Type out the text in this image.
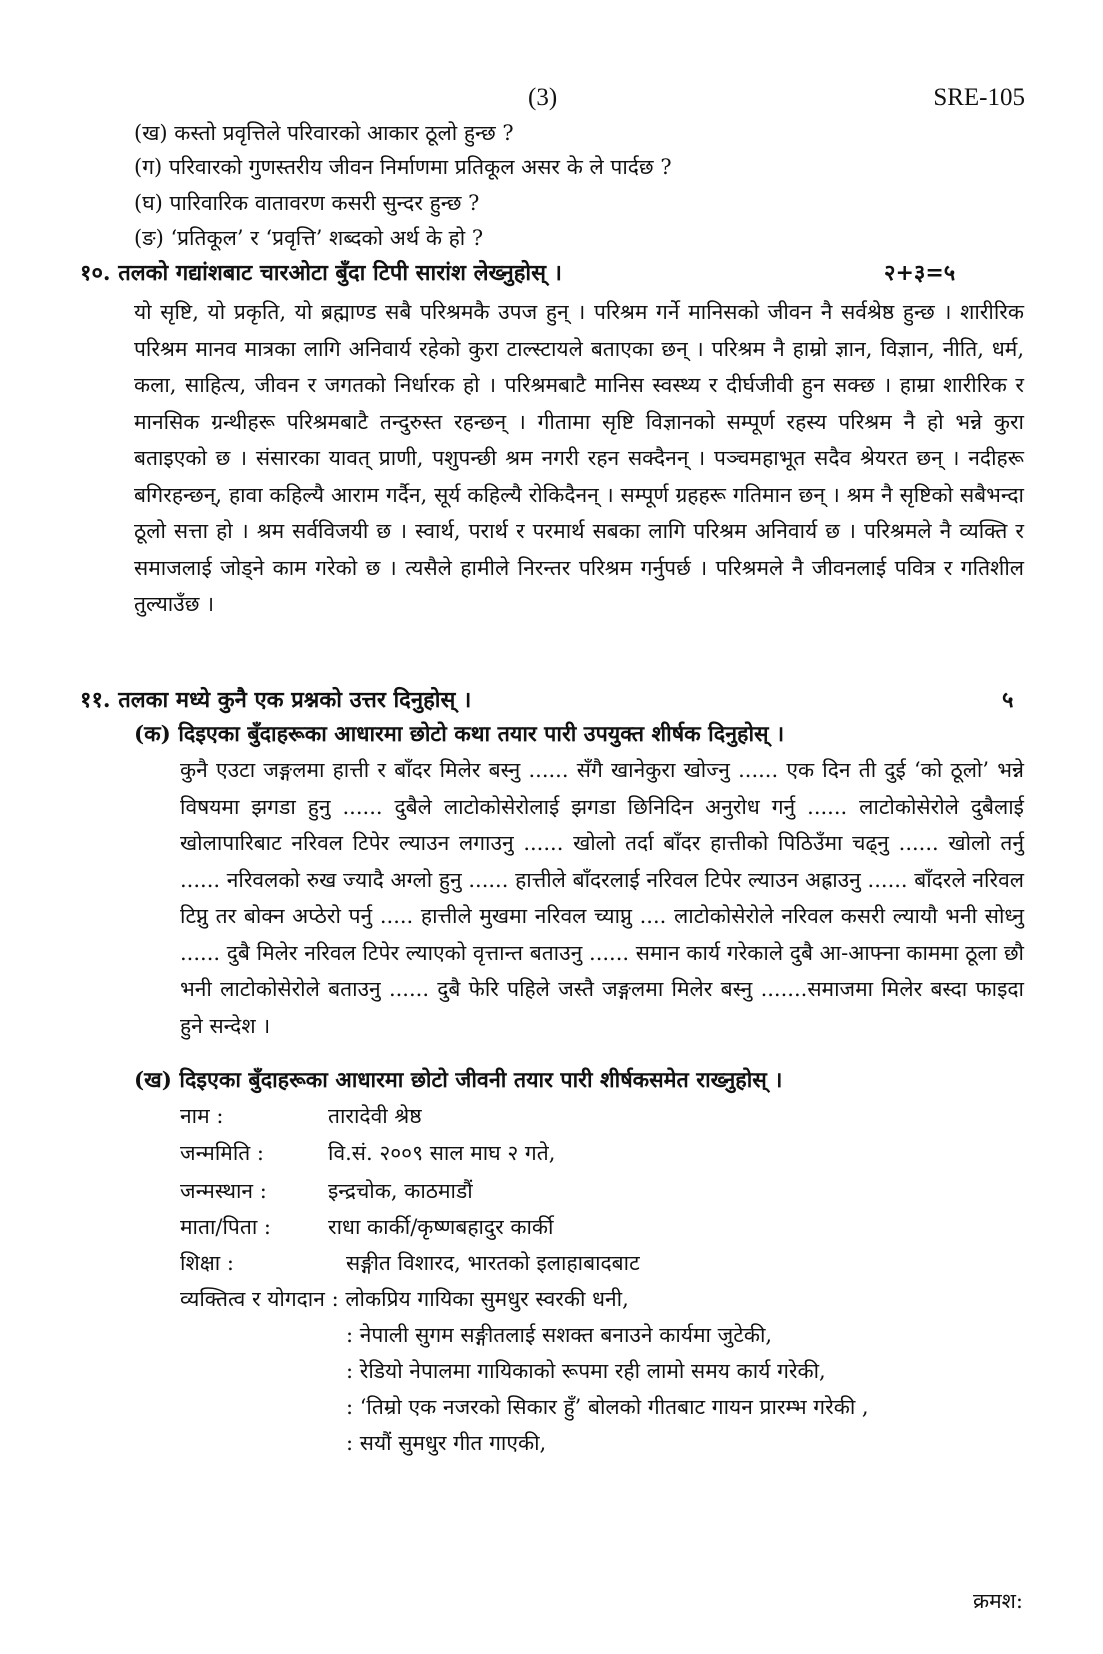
(3)	SRE-105
(ख) कस्तो प्रवृत्तिले परिवारको आकार ठूलो हुन्छ ?
(ग) परिवारको गुणस्तरीय जीवन निर्माणमा प्रतिकूल असर के ले पार्दछ ?
(घ) पारिवारिक वातावरण कसरी सुन्दर हुन्छ ?
(ङ) ‘प्रतिकूल’ र ‘प्रवृत्ति’ शब्दको अर्थ के हो ?
१०. तलको गद्यांशबाट चारओटा बुँदा टिपी सारांश लेख्नुहोस् ।	२+३=५
यो सृष्टि, यो प्रकृति, यो ब्रह्माण्ड सबै परिश्रमकै उपज हुन् । परिश्रम गर्ने मानिसको जीवन नै सर्वश्रेष्ठ हुन्छ । शारीरिक परिश्रम मानव मात्रका लागि अनिवार्य रहेको कुरा टाल्स्टायले बताएका छन् । परिश्रम नै हाम्रो ज्ञान, विज्ञान, नीति, धर्म, कला, साहित्य, जीवन र जगतको निर्धारक हो । परिश्रमबाटै मानिस स्वस्थ्य र दीर्घजीवी हुन सक्छ । हाम्रा शारीरिक र मानसिक ग्रन्थीहरू परिश्रमबाटै तन्दुरुस्त रहन्छन् । गीतामा सृष्टि विज्ञानको सम्पूर्ण रहस्य परिश्रम नै हो भन्ने कुरा बताइएको छ । संसारका यावत् प्राणी, पशुपन्छी श्रम नगरी रहन सक्दैनन् । पञ्चमहाभूत सदैव श्रेयरत छन् । नदीहरू बगिरहन्छन्, हावा कहिल्यै आराम गर्दैन, सूर्य कहिल्यै रोकिदैनन् । सम्पूर्ण ग्रहहरू गतिमान छन् । श्रम नै सृष्टिको सबैभन्दा ठूलो सत्ता हो । श्रम सर्वविजयी छ । स्वार्थ, परार्थ र परमार्थ सबका लागि परिश्रम अनिवार्य छ । परिश्रमले नै व्यक्ति र समाजलाई जोड्ने काम गरेको छ । त्यसैले हामीले निरन्तर परिश्रम गर्नुपर्छ । परिश्रमले नै जीवनलाई पवित्र र गतिशील तुल्याउँछ ।
११. तलका मध्ये कुनै एक प्रश्नको उत्तर दिनुहोस् ।	५
(क) दिइएका बुँदाहरूका आधारमा छोटो कथा तयार पारी उपयुक्त शीर्षक दिनुहोस् ।
कुनै एउटा जङ्गलमा हात्ती र बाँदर मिलेर बस्नु ...... सँगै खानेकुरा खोज्नु ...... एक दिन ती दुई ‘को ठूलो’ भन्ने विषयमा झगडा हुनु ...... दुबैले लाटोकोसेरोलाई झगडा छिनिदिन अनुरोध गर्नु ...... लाटोकोसेरोले दुबैलाई खोलापारिबाट नरिवल टिपेर ल्याउन लगाउनु ...... खोलो तर्दा बाँदर हात्तीको पिठिउँमा चढ्नु ...... खोलो तर्नु ...... नरिवलको रुख ज्यादै अग्लो हुनु ...... हात्तीले बाँदरलाई नरिवल टिपेर ल्याउन अह्राउनु ...... बाँदरले नरिवल टिप्नु तर बोक्न अप्ठेरो पर्नु ..... हात्तीले मुखमा नरिवल च्याप्नु .... लाटोकोसेरोले नरिवल कसरी ल्यायौ भनी सोध्नु ...... दुबै मिलेर नरिवल टिपेर ल्याएको वृत्तान्त बताउनु ...... समान कार्य गरेकाले दुबै आ-आफ्ना काममा ठूला छौ भनी लाटोकोसेरोले बताउनु ...... दुबै फेरि पहिले जस्तै जङ्गलमा मिलेर बस्नु .......समाजमा मिलेर बस्दा फाइदा हुने सन्देश ।
(ख) दिइएका बुँदाहरूका आधारमा छोटो जीवनी तयार पारी शीर्षकसमेत राख्नुहोस् ।
नाम :	तारादेवी श्रेष्ठ
जन्ममिति :	वि.सं. २००९ साल माघ २ गते,
जन्मस्थान :	इन्द्रचोक, काठमाडौं
माता/पिता :	राधा कार्की/कृष्णबहादुर कार्की
शिक्षा :	सङ्गीत विशारद, भारतको इलाहाबादबाट
व्यक्तित्व र योगदान : लोकप्रिय गायिका सुमधुर स्वरकी धनी,
: नेपाली सुगम सङ्गीतलाई सशक्त बनाउने कार्यमा जुटेकी,
: रेडियो नेपालमा गायिकाको रूपमा रही लामो समय कार्य गरेकी,
: ‘तिम्रो एक नजरको सिकार हुँ’ बोलको गीतबाट गायन प्रारम्भ गरेकी ,
: सयौं सुमधुर गीत गाएकी,
क्रमश:
